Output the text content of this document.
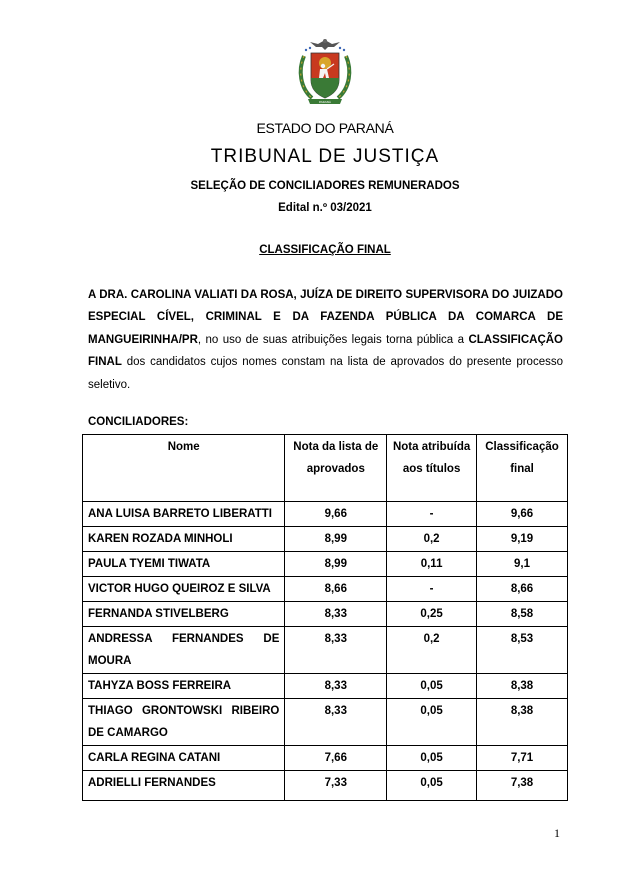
PARANÁ
ESTADO DO PARANÁ
TRIBUNAL DE JUSTIÇA
SELEÇÃO DE CONCILIADORES REMUNERADOS
Edital n.º 03/2021
CLASSIFICAÇÃO FINAL
A DRA. CAROLINA VALIATI DA ROSA, JUÍZA DE DIREITO SUPERVISORA DO JUIZADO ESPECIAL CÍVEL, CRIMINAL E DA FAZENDA PÚBLICA DA COMARCA DE MANGUEIRINHA/PR, no uso de suas atribuições legais torna pública a CLASSIFICAÇÃO FINAL dos candidatos cujos nomes constam na lista de aprovados do presente processo seletivo.
CONCILIADORES:
Nome	Nota da lista de aprovados	Nota atribuída aos títulos	Classificação final
ANA LUISA BARRETO LIBERATTI	9,66	-	9,66
KAREN ROZADA MINHOLI	8,99	0,2	9,19
PAULA TYEMI TIWATA	8,99	0,11	9,1
VICTOR HUGO QUEIROZ E SILVA	8,66	-	8,66
FERNANDA STIVELBERG	8,33	0,25	8,58
ANDRESSA FERNANDES DE MOURA	8,33	0,2	8,53
TAHYZA BOSS FERREIRA	8,33	0,05	8,38
THIAGO GRONTOWSKI RIBEIRO DE CAMARGO	8,33	0,05	8,38
CARLA REGINA CATANI	7,66	0,05	7,71
ADRIELLI FERNANDES	7,33	0,05	7,38
1
